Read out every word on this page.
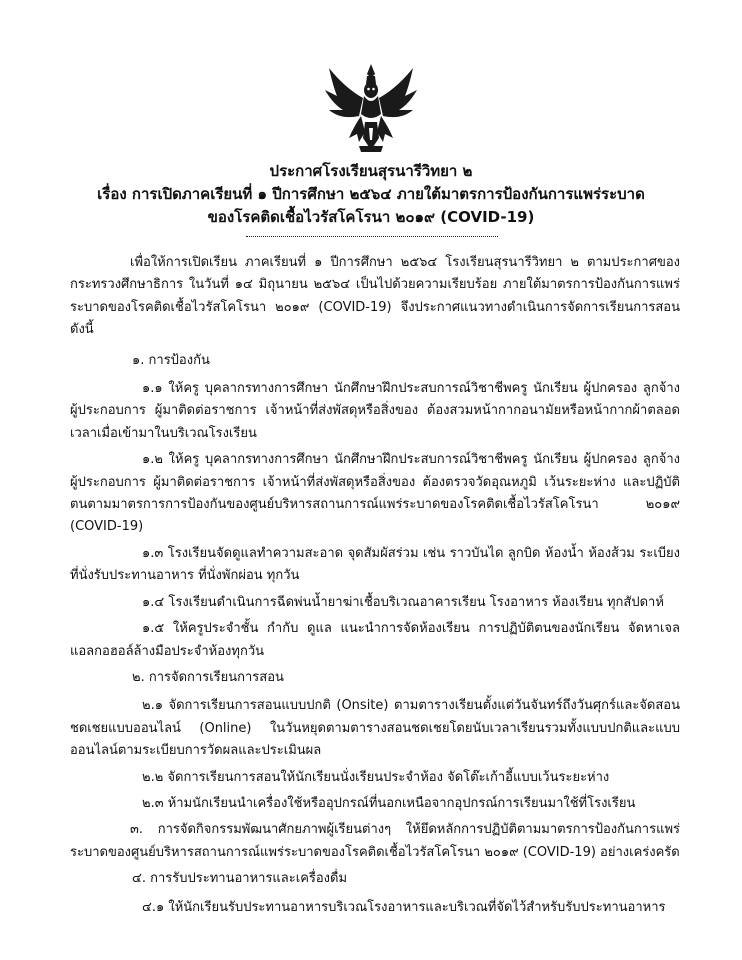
ประกาศโรงเรียนสุรนารีวิทยา ๒
เรื่อง การเปิดภาคเรียนที่ ๑ ปีการศึกษา ๒๕๖๔ ภายใต้มาตรการป้องกันการแพร่ระบาด
ของโรคติดเชื้อไวรัสโคโรนา ๒๐๑๙ (COVID-19)

เพื่อให้การเปิดเรียน ภาคเรียนที่ ๑ ปีการศึกษา ๒๕๖๔ โรงเรียนสุรนารีวิทยา ๒ ตามประกาศของกระทรวงศึกษาธิการ ในวันที่ ๑๔ มิถุนายน ๒๕๖๔ เป็นไปด้วยความเรียบร้อย ภายใต้มาตรการป้องกันการแพร่ระบาดของโรคติดเชื้อไวรัสโคโรนา ๒๐๑๙ (COVID-19) จึงประกาศแนวทางดำเนินการจัดการเรียนการสอน ดังนี้

๑. การป้องกัน

๑.๑ ให้ครู บุคลากรทางการศึกษา นักศึกษาฝึกประสบการณ์วิชาชีพครู นักเรียน ผู้ปกครอง ลูกจ้าง ผู้ประกอบการ ผู้มาติดต่อราชการ เจ้าหน้าที่ส่งพัสดุหรือสิ่งของ ต้องสวมหน้ากากอนามัยหรือหน้ากากผ้าตลอดเวลาเมื่อเข้ามาในบริเวณโรงเรียน

๑.๒ ให้ครู บุคลากรทางการศึกษา นักศึกษาฝึกประสบการณ์วิชาชีพครู นักเรียน ผู้ปกครอง ลูกจ้าง ผู้ประกอบการ ผู้มาติดต่อราชการ เจ้าหน้าที่ส่งพัสดุหรือสิ่งของ ต้องตรวจวัดอุณหภูมิ เว้นระยะห่าง และปฏิบัติตนตามมาตรการการป้องกันของศูนย์บริหารสถานการณ์แพร่ระบาดของโรคติดเชื้อไวรัสโคโรนา ๒๐๑๙ (COVID-19)

๑.๓ โรงเรียนจัดดูแลทำความสะอาด จุดสัมผัสร่วม เช่น ราวบันได ลูกบิด ห้องน้ำ ห้องส้วม ระเบียง ที่นั่งรับประทานอาหาร ที่นั่งพักผ่อน ทุกวัน

๑.๔ โรงเรียนดำเนินการฉีดพ่นน้ำยาฆ่าเชื้อบริเวณอาคารเรียน โรงอาหาร ห้องเรียน ทุกสัปดาห์

๑.๕ ให้ครูประจำชั้น กำกับ ดูแล แนะนำการจัดห้องเรียน การปฏิบัติตนของนักเรียน จัดหาเจลแอลกอฮอล์ล้างมือประจำห้องทุกวัน

๒. การจัดการเรียนการสอน

๒.๑ จัดการเรียนการสอนแบบปกติ (Onsite) ตามตารางเรียนตั้งแต่วันจันทร์ถึงวันศุกร์และจัดสอนชดเชยแบบออนไลน์ (Online) ในวันหยุดตามตารางสอนชดเชยโดยนับเวลาเรียนรวมทั้งแบบปกติและแบบออนไลน์ตามระเบียบการวัดผลและประเมินผล

๒.๒ จัดการเรียนการสอนให้นักเรียนนั่งเรียนประจำห้อง จัดโต๊ะเก้าอี้แบบเว้นระยะห่าง

๒.๓ ห้ามนักเรียนนำเครื่องใช้หรืออุปกรณ์ที่นอกเหนือจากอุปกรณ์การเรียนมาใช้ที่โรงเรียน

๓. การจัดกิจกรรมพัฒนาศักยภาพผู้เรียนต่างๆ ให้ยึดหลักการปฏิบัติตามมาตรการป้องกันการแพร่ระบาดของศูนย์บริหารสถานการณ์แพร่ระบาดของโรคติดเชื้อไวรัสโคโรนา ๒๐๑๙ (COVID-19) อย่างเคร่งครัด

๔. การรับประทานอาหารและเครื่องดื่ม

๔.๑ ให้นักเรียนรับประทานอาหารบริเวณโรงอาหารและบริเวณที่จัดไว้สำหรับรับประทานอาหาร
